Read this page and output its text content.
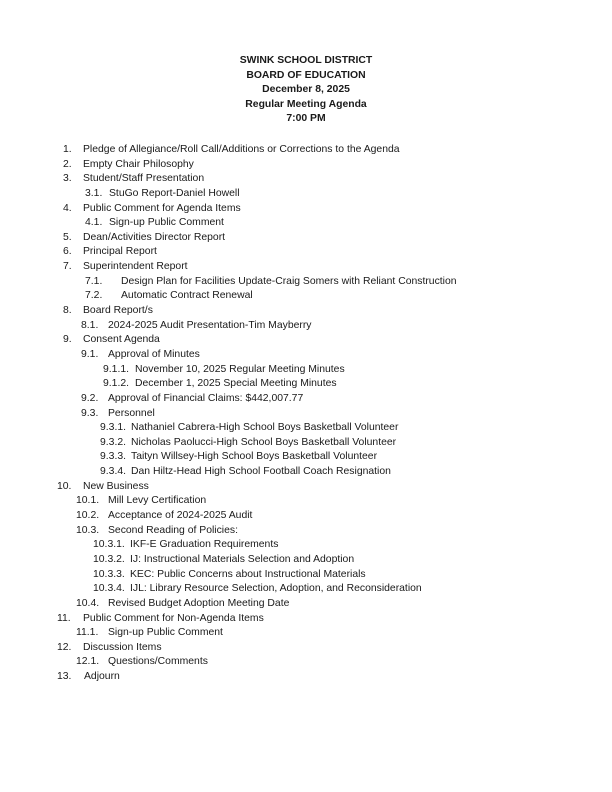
SWINK SCHOOL DISTRICT
BOARD OF EDUCATION
December 8, 2025
Regular Meeting Agenda
7:00 PM
1. Pledge of Allegiance/Roll Call/Additions or Corrections to the Agenda
2. Empty Chair Philosophy
3. Student/Staff Presentation
3.1. StuGo Report-Daniel Howell
4. Public Comment for Agenda Items
4.1. Sign-up Public Comment
5. Dean/Activities Director Report
6. Principal Report
7. Superintendent Report
7.1. Design Plan for Facilities Update-Craig Somers with Reliant Construction
7.2. Automatic Contract Renewal
8. Board Report/s
8.1. 2024-2025 Audit Presentation-Tim Mayberry
9. Consent Agenda
9.1. Approval of Minutes
9.1.1. November 10, 2025 Regular Meeting Minutes
9.1.2. December 1, 2025 Special Meeting Minutes
9.2. Approval of Financial Claims: $442,007.77
9.3. Personnel
9.3.1. Nathaniel Cabrera-High School Boys Basketball Volunteer
9.3.2. Nicholas Paolucci-High School Boys Basketball Volunteer
9.3.3. Taityn Willsey-High School Boys Basketball Volunteer
9.3.4. Dan Hiltz-Head High School Football Coach Resignation
10. New Business
10.1. Mill Levy Certification
10.2. Acceptance of 2024-2025 Audit
10.3. Second Reading of Policies:
10.3.1. IKF-E Graduation Requirements
10.3.2. IJ: Instructional Materials Selection and Adoption
10.3.3. KEC: Public Concerns about Instructional Materials
10.3.4. IJL: Library Resource Selection, Adoption, and Reconsideration
10.4. Revised Budget Adoption Meeting Date
11. Public Comment for Non-Agenda Items
11.1. Sign-up Public Comment
12. Discussion Items
12.1. Questions/Comments
13. Adjourn
